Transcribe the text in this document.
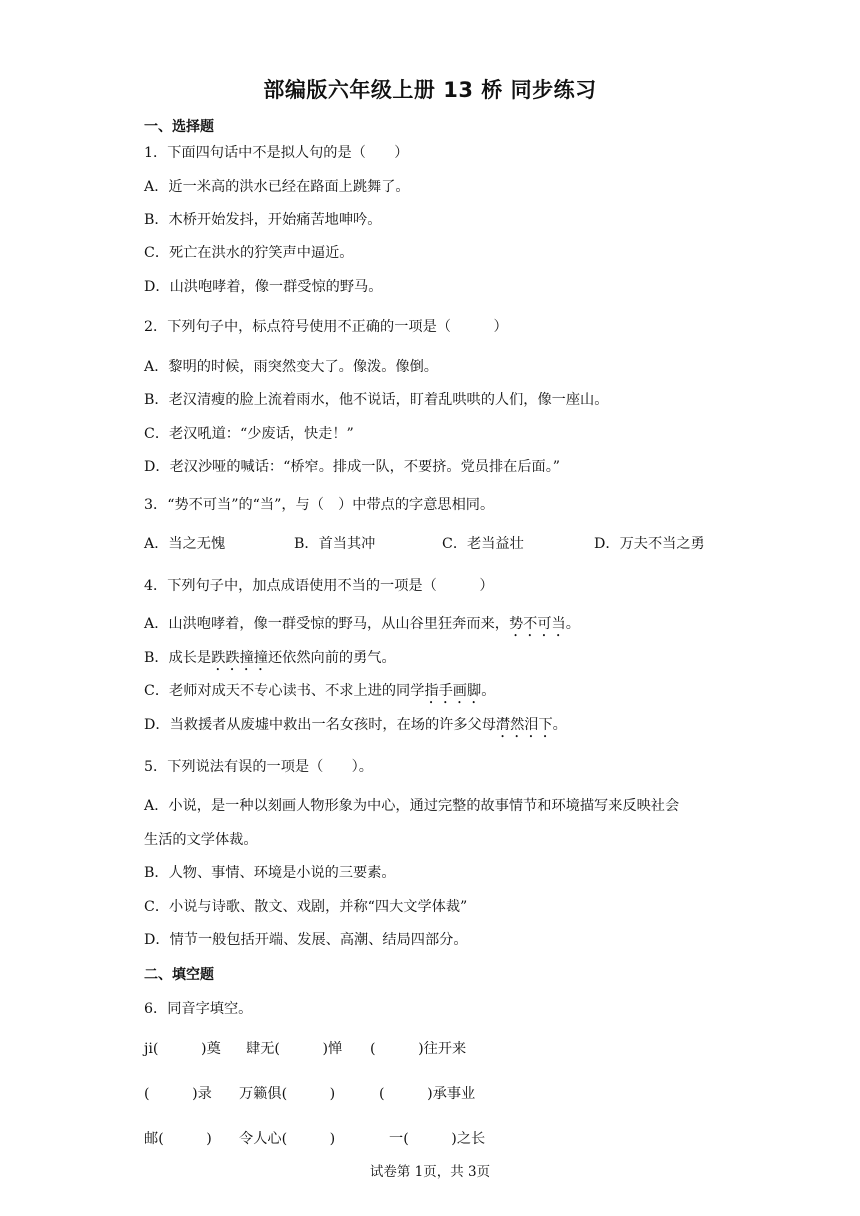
部编版六年级上册 13 桥 同步练习
一、选择题
1．下面四句话中不是拟人句的是（　　）
A．近一米高的洪水已经在路面上跳舞了。
B．木桥开始发抖，开始痛苦地呻吟。
C．死亡在洪水的狞笑声中逼近。
D．山洪咆哮着，像一群受惊的野马。
2．下列句子中，标点符号使用不正确的一项是（　　　）
A．黎明的时候，雨突然变大了。像泼。像倒。
B．老汉清瘦的脸上流着雨水，他不说话，盯着乱哄哄的人们，像一座山。
C．老汉吼道：“少废话，快走！”
D．老汉沙哑的喊话：“桥窄。排成一队，不要挤。党员排在后面。”
3．“势不可当”的“当”，与（　）中带点的字意思相同。
A．当之无愧	B．首当其冲	C．老当益壮	D．万夫不当之勇
4．下列句子中，加点成语使用不当的一项是（　　　）
A．山洪咆哮着，像一群受惊的野马，从山谷里狂奔而来，势不可当。
B．成长是跌跌撞撞还依然向前的勇气。
C．老师对成天不专心读书、不求上进的同学指手画脚。
D．当救援者从废墟中救出一名女孩时，在场的许多父母潸然泪下。
5．下列说法有误的一项是（　　）。
A．小说，是一种以刻画人物形象为中心，通过完整的故事情节和环境描写来反映社会
生活的文学体裁。
B．人物、事情、环境是小说的三要素。
C．小说与诗歌、散文、戏剧，并称“四大文学体裁”
D．情节一般包括开端、发展、高潮、结局四部分。
二、填空题
6．同音字填空。
ji(　　　)奠 肆无(　　　)惮 (　　　)往开来
(　　　)录 万籁俱(　　　)	(　　　)承事业
邮(　　　) 令人心(　　　)	一(　　　)之长
试卷第 1页，共 3页
